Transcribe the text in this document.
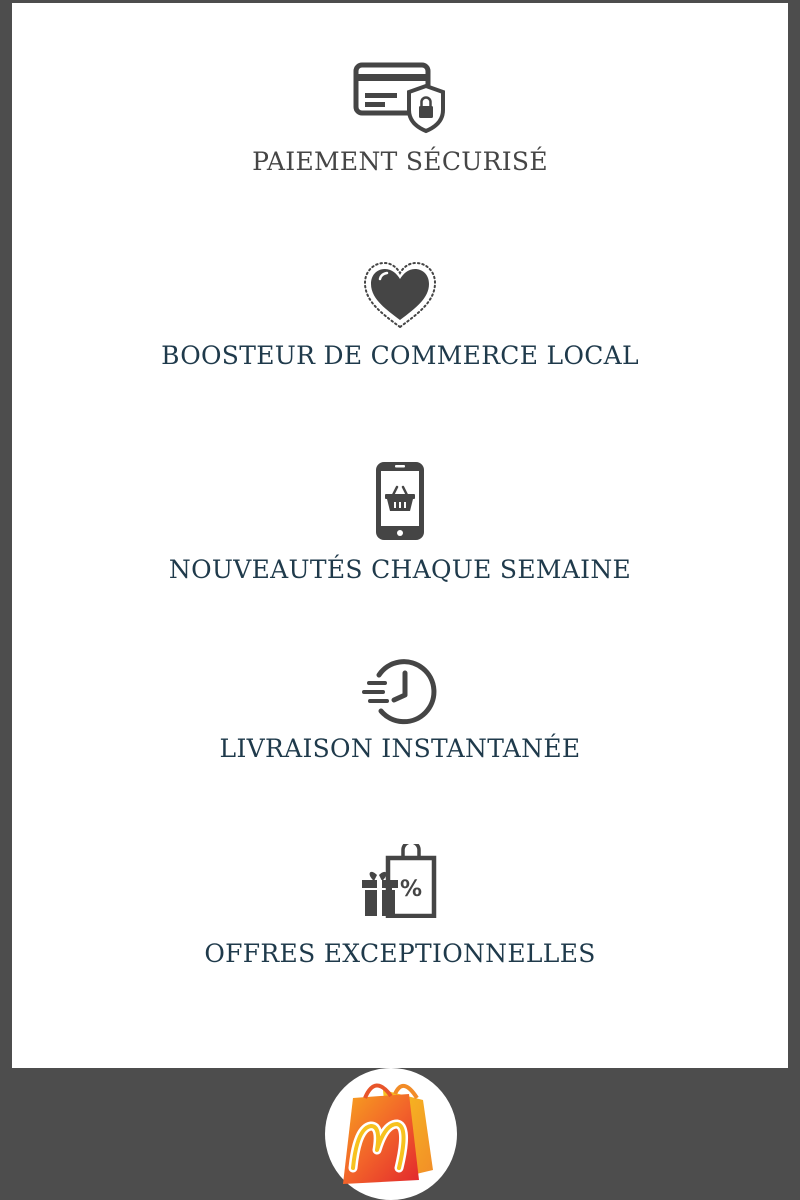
PAIEMENT SÉCURISÉ
BOOSTEUR DE COMMERCE LOCAL
NOUVEAUTÉS CHAQUE SEMAINE
LIVRAISON INSTANTANÉE
%
OFFRES EXCEPTIONNELLES
